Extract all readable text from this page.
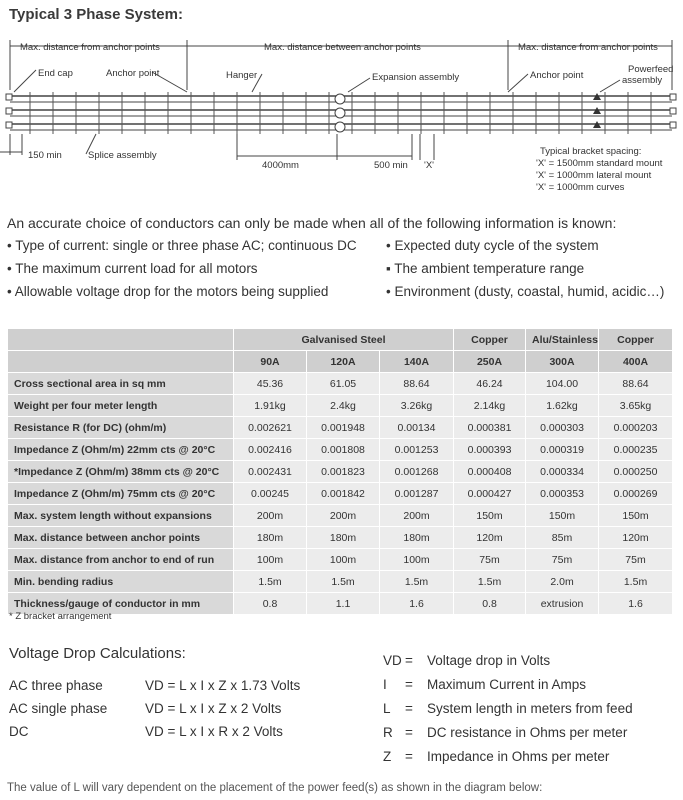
Typical 3 Phase System:
Max. distance from anchor points	Max. distance between anchor points	Max. distance from anchor points
End cap	Anchor point	Hanger	Expansion assembly	Anchor point
Powerfeed
assembly
150 min	Splice assembly
4000mm	500 min 'X'
Typical bracket spacing:
'X' = 1500mm standard mount
'X' = 1000mm lateral mount
'X' = 1000mm curves
An accurate choice of conductors can only be made when all of the following information is known:
• Type of current: single or three phase AC; continuous DC
• The maximum current load for all motors
• Allowable voltage drop for the motors being supplied
• Expected duty cycle of the system
▪ The ambient temperature range
• Environment (dusty, coastal, humid, acidic…)
	Galvanised Steel			Copper	Alu/Stainless	Copper
	90A	120A	140A	250A	300A	400A
Cross sectional area in sq mm	45.36	61.05	88.64	46.24	104.00	88.64
Weight per four meter length	1.91kg	2.4kg	3.26kg	2.14kg	1.62kg	3.65kg
Resistance R (for DC) (ohm/m)	0.002621	0.001948	0.00134	0.000381	0.000303	0.000203
Impedance Z (Ohm/m) 22mm cts @ 20°C	0.002416	0.001808	0.001253	0.000393	0.000319	0.000235
*Impedance Z (Ohm/m) 38mm cts @ 20°C	0.002431	0.001823	0.001268	0.000408	0.000334	0.000250
Impedance Z (Ohm/m) 75mm cts @ 20°C	0.00245	0.001842	0.001287	0.000427	0.000353	0.000269
Max. system length without expansions	200m	200m	200m	150m	150m	150m
Max. distance between anchor points	180m	180m	180m	120m	85m	120m
Max. distance from anchor to end of run	100m	100m	100m	75m	75m	75m
Min. bending radius	1.5m	1.5m	1.5m	1.5m	2.0m	1.5m
Thickness/gauge of conductor in mm	0.8	1.1	1.6	0.8	extrusion	1.6
* Z bracket arrangement
Voltage Drop Calculations:
AC three phase	VD = L x I x Z x 1.73 Volts
AC single phase	VD = L x I x Z x 2 Volts
DC	VD = L x I x R x 2 Volts
VD = Voltage drop in Volts
I = Maximum Current in Amps
L = System length in meters from feed
R = DC resistance in Ohms per meter
Z = Impedance in Ohms per meter
The value of L will vary dependent on the placement of the power feed(s) as shown in the diagram below:
